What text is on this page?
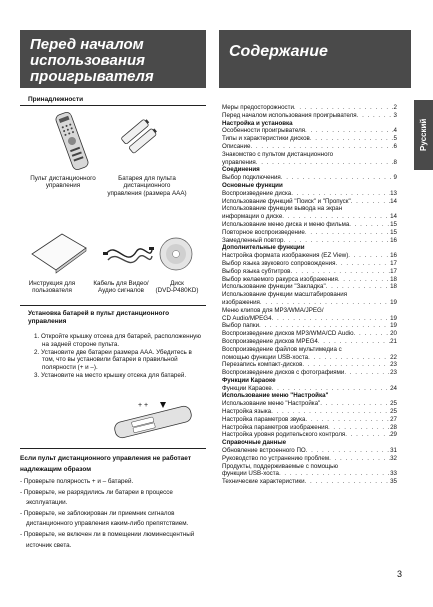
Перед началом
использования
проигрывателя
Содержание
Принадлежности
Пульт дистанционного управления
Батарея для пульта дистанционного управления (размера AAA)
Инструкция для пользователя
Кабель для Видео/Аудио сигналов
Диск
(DVD-P480KD)
Установка батарей в пульт дистанционного управления
1. Откройте крышку отсека для батарей, расположенную на задней стороне пульта.
2. Установите две батареи размера AAA. Убедитесь в том, что вы установили батареи в правильной полярности (+ и –).
3. Установите на место крышку отсека для батарей.
+ +
Если пульт дистанционного управления не работает надлежащим образом
- Проверьте полярность + и – батарей.
- Проверьте, не разрядились ли батареи в процессе эксплуатации.
- Проверьте, не заблокирован ли приемник сигналов дистанционного управления каким-либо препятствием.
- Проверьте, не включен ли в помещении люминесцентный источник света.
Меры предосторожности . . .	2
Перед началом использования проигрывателя . . .	3
Настройка и установка
Особенности проигрывателя . . .	4
Типы и характеристики дисков . . .	5
Описание . . .	6
Знакомство с пультом дистанционного
управления . . .	8
Соединения
Выбор подключения . . .	9
Основные функции
Воспроизведение диска . . .	13
Использование функций "Поиск" и "Пропуск" . . .	14
Использование функции вывода на экран
информации о диске . . .	14
Использование меню диска и меню фильма . . .	15
Повторное воспроизведение . . .	15
Замедленный повтор . . .	16
Дополнительные функции
Настройка формата изображения (EZ View) . . .	16
Выбор языка звукового сопровождения . . .	17
Выбор языка субтитров . . .	17
Выбор желаемого ракурса изображения . . .	18
Использование функции "Закладка" . . .	18
Использование функции масштабирования
изображения . . .	19
Меню клипов для MP3/WMA/JPEG/
CD Audio/MPEG4 . . .	19
Выбор папки . . .	19
Воспроизведение дисков MP3/WMA/CD Audio . . .	20
Воспроизведение дисков MPEG4 . . .	21
Воспроизведение файлов мультимедиа с
помощью функции USB-хоста . . .	22
Перезапись компакт-дисков . . .	23
Воспроизведение дисков с фотографиями . . .	23
Функции Караоке
Функции Караоке . . .	24
Использование меню "Настройка"
Использование меню "Настройка" . . .	25
Настройка языка . . .	25
Настройка параметров звука . . .	27
Настройка параметров изображения . . .	28
Настройка уровня родительского контроля . . .	29
Справочные данные
Обновление встроенного ПО . . .	31
Руководство по устранению проблем . . .	32
Продукты, поддерживаемые с помощью
функции USB-хоста . . .	33
Технические характеристики . . .	35
Русский
3
